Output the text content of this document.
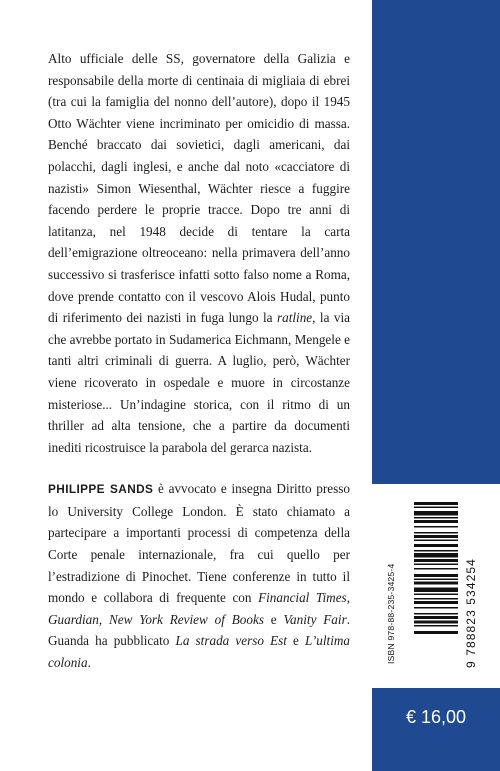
Alto ufficiale delle SS, governatore della Galizia e responsabile della morte di centinaia di migliaia di ebrei (tra cui la famiglia del nonno dell’autore), dopo il 1945 Otto Wächter viene incriminato per omicidio di massa. Benché braccato dai sovietici, dagli americani, dai polacchi, dagli inglesi, e anche dal noto «cacciatore di nazisti» Simon Wiesenthal, Wächter riesce a fuggire facendo perdere le proprie tracce. Dopo tre anni di latitanza, nel 1948 decide di tentare la carta dell’emigrazione oltreoceano: nella primavera dell’anno successivo si trasferisce infatti sotto falso nome a Roma, dove prende contatto con il vescovo Alois Hudal, punto di riferimento dei nazisti in fuga lungo la ratline, la via che avrebbe portato in Sudamerica Eichmann, Mengele e tanti altri criminali di guerra. A luglio, però, Wächter viene ricoverato in ospedale e muore in circostanze misteriose... Un’indagine storica, con il ritmo di un thriller ad alta tensione, che a partire da documenti inediti ricostruisce la parabola del gerarca nazista.

PHILIPPE SANDS è avvocato e insegna Diritto presso lo University College London. È stato chiamato a partecipare a importanti processi di competenza della Corte penale internazionale, fra cui quello per l’estradizione di Pinochet. Tiene conferenze in tutto il mondo e collabora di frequente con Financial Times, Guardian, New York Review of Books e Vanity Fair. Guanda ha pubblicato La strada verso Est e L’ultima colonia.	ISBN 978-88-235-3425-4	9 788823 534254
€ 16,00
